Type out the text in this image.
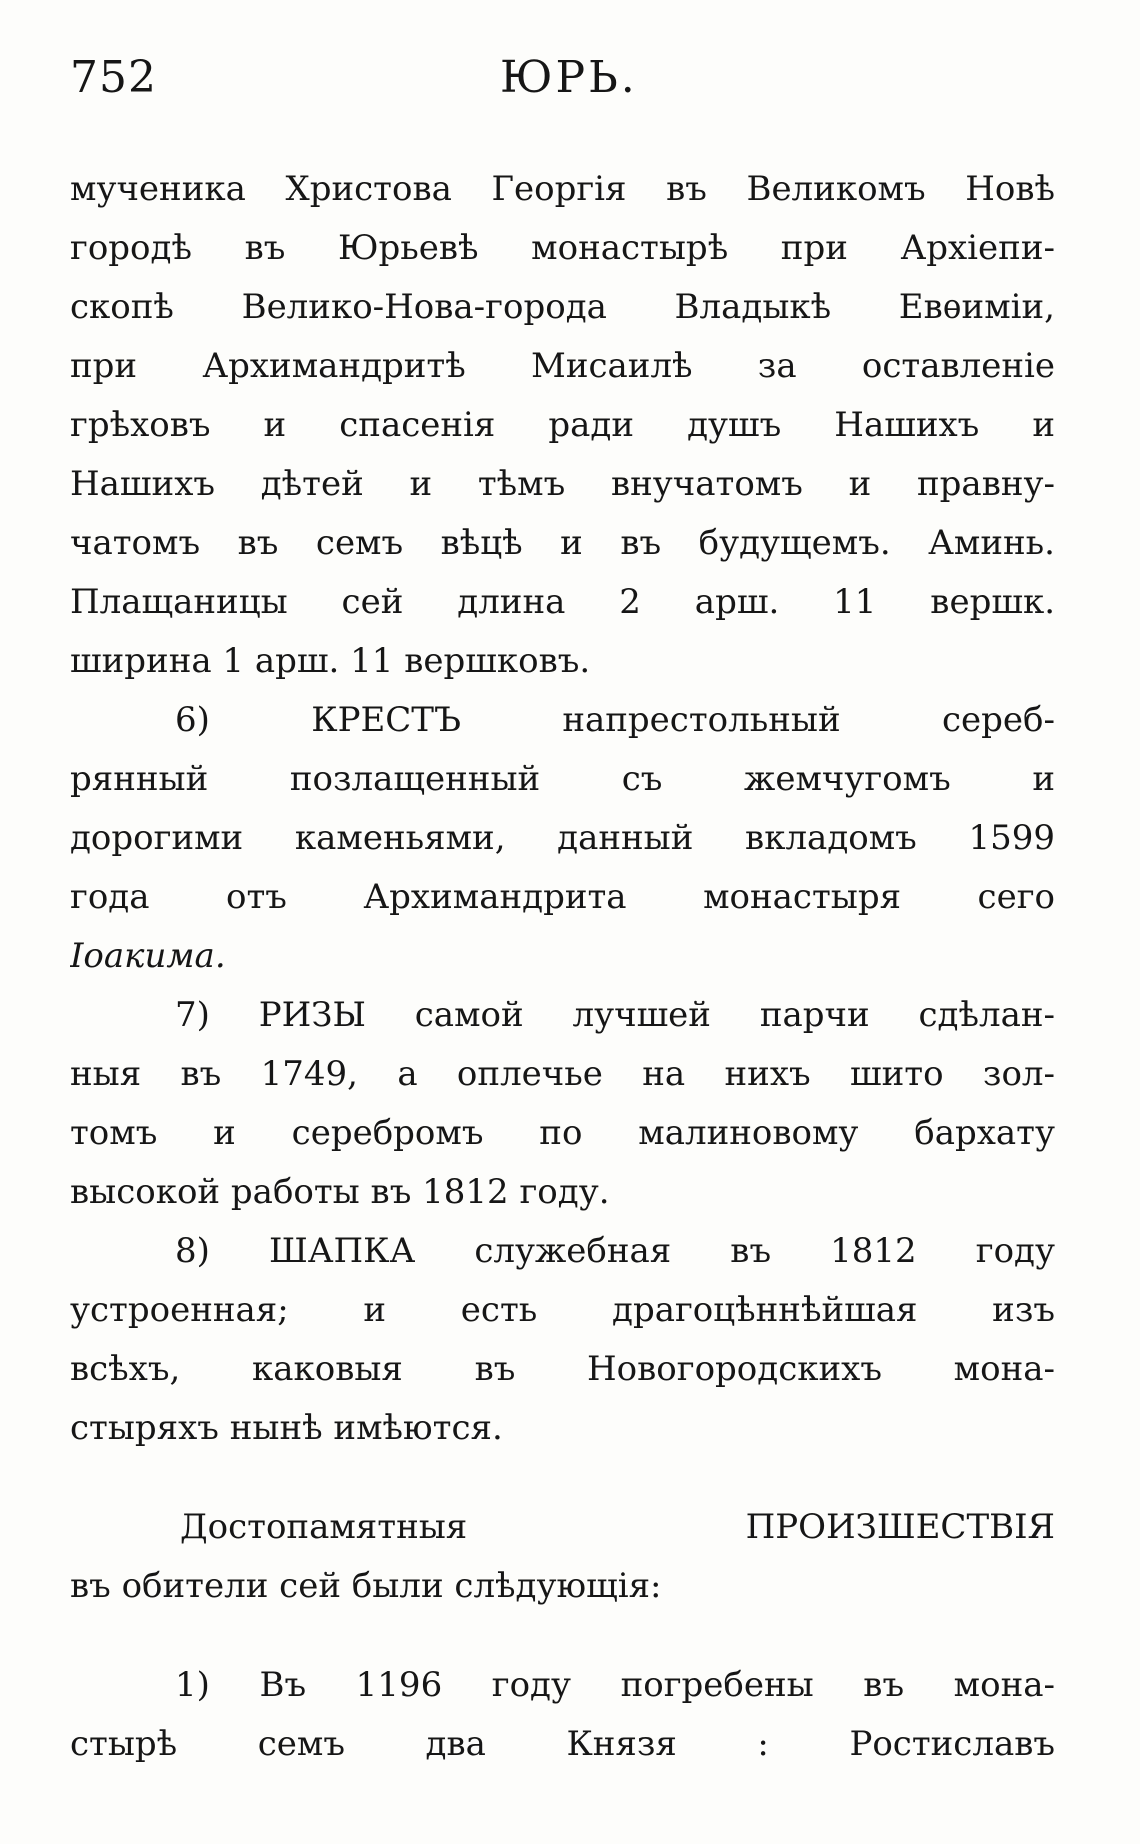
752	ЮРЬ.
мученика Христова Георгія въ Великомъ Новѣ
городѣ въ Юрьевѣ монастырѣ при Архіепи-
скопѣ Велико-Нова-города Владыкѣ Евѳиміи,
при Архимандритѣ Мисаилѣ за оставленіе
грѣховъ и спасенія ради душъ Нашихъ и
Нашихъ дѣтей и тѣмъ внучатомъ и правну-
чатомъ въ семъ вѣцѣ и въ будущемъ. Аминь.
Плащаницы сей длина 2 арш. 11 вершк.
ширина 1 арш. 11 вершковъ.
6) КРЕСТЪ напрестольный сереб-
рянный позлащенный съ жемчугомъ и
дорогими каменьями, данный вкладомъ 1599
года отъ Архимандрита монастыря сего
Іоакима.
7) РИЗЫ самой лучшей парчи сдѣлан-
ныя въ 1749, а оплечье на нихъ шито зол-
томъ и серебромъ по малиновому бархату
высокой работы въ 1812 году.
8) ШАПКА служебная въ 1812 году
устроенная; и есть драгоцѣннѣйшая изъ
всѣхъ, каковыя въ Новогородскихъ мона-
стыряхъ нынѣ имѣются.
Достопамятныя ПРОИЗШЕСТВІЯ
въ обители сей были слѣдующія:
1) Въ 1196 году погребены въ мона-
стырѣ семъ два Князя : Ростиславъ
